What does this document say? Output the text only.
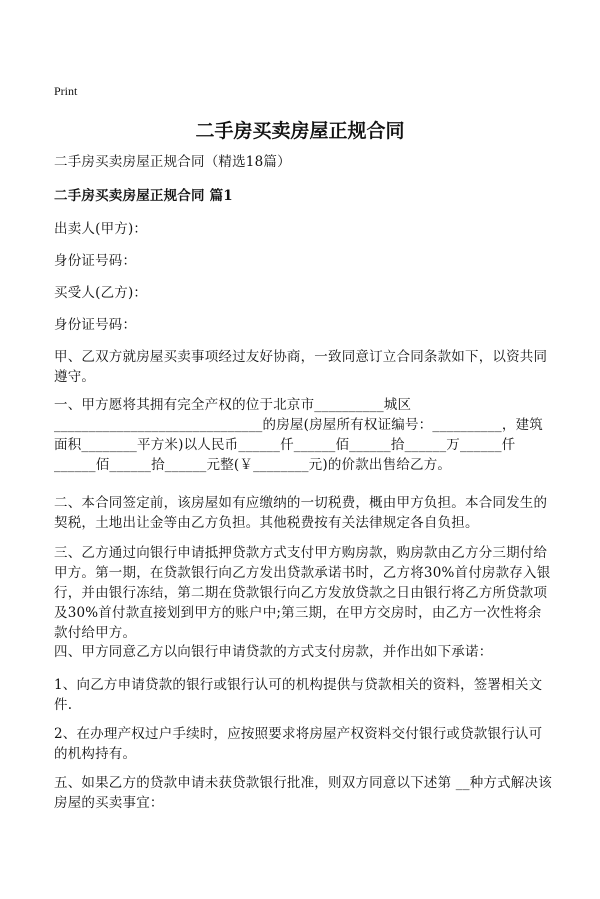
Print
二手房买卖房屋正规合同
二手房买卖房屋正规合同（精选18篇）
二手房买卖房屋正规合同 篇1
出卖人(甲方)：
身份证号码：
买受人(乙方)：
身份证号码：
甲、乙双方就房屋买卖事项经过友好协商，一致同意订立合同条款如下，以资共同遵守。
一、甲方愿将其拥有完全产权的位于北京市__________城区______________________________的房屋(房屋所有权证编号：__________，建筑面积________平方米)以人民币______仟______佰______拾______万______仟______佰______拾______元整(￥________元)的价款出售给乙方。
二、本合同签定前，该房屋如有应缴纳的一切税费，概由甲方负担。本合同发生的契税，土地出让金等由乙方负担。其他税费按有关法律规定各自负担。
三、乙方通过向银行申请抵押贷款方式支付甲方购房款，购房款由乙方分三期付给甲方。第一期，在贷款银行向乙方发出贷款承诺书时，乙方将30%首付房款存入银行，并由银行冻结，第二期在贷款银行向乙方发放贷款之日由银行将乙方所贷款项及30%首付款直接划到甲方的账户中;第三期，在甲方交房时，由乙方一次性将余款付给甲方。
四、甲方同意乙方以向银行申请贷款的方式支付房款，并作出如下承诺：
1、向乙方申请贷款的银行或银行认可的机构提供与贷款相关的资料，签署相关文件.
2、在办理产权过户手续时，应按照要求将房屋产权资料交付银行或贷款银行认可的机构持有。
五、如果乙方的贷款申请未获贷款银行批准，则双方同意以下述第 __种方式解决该房屋的买卖事宜：
